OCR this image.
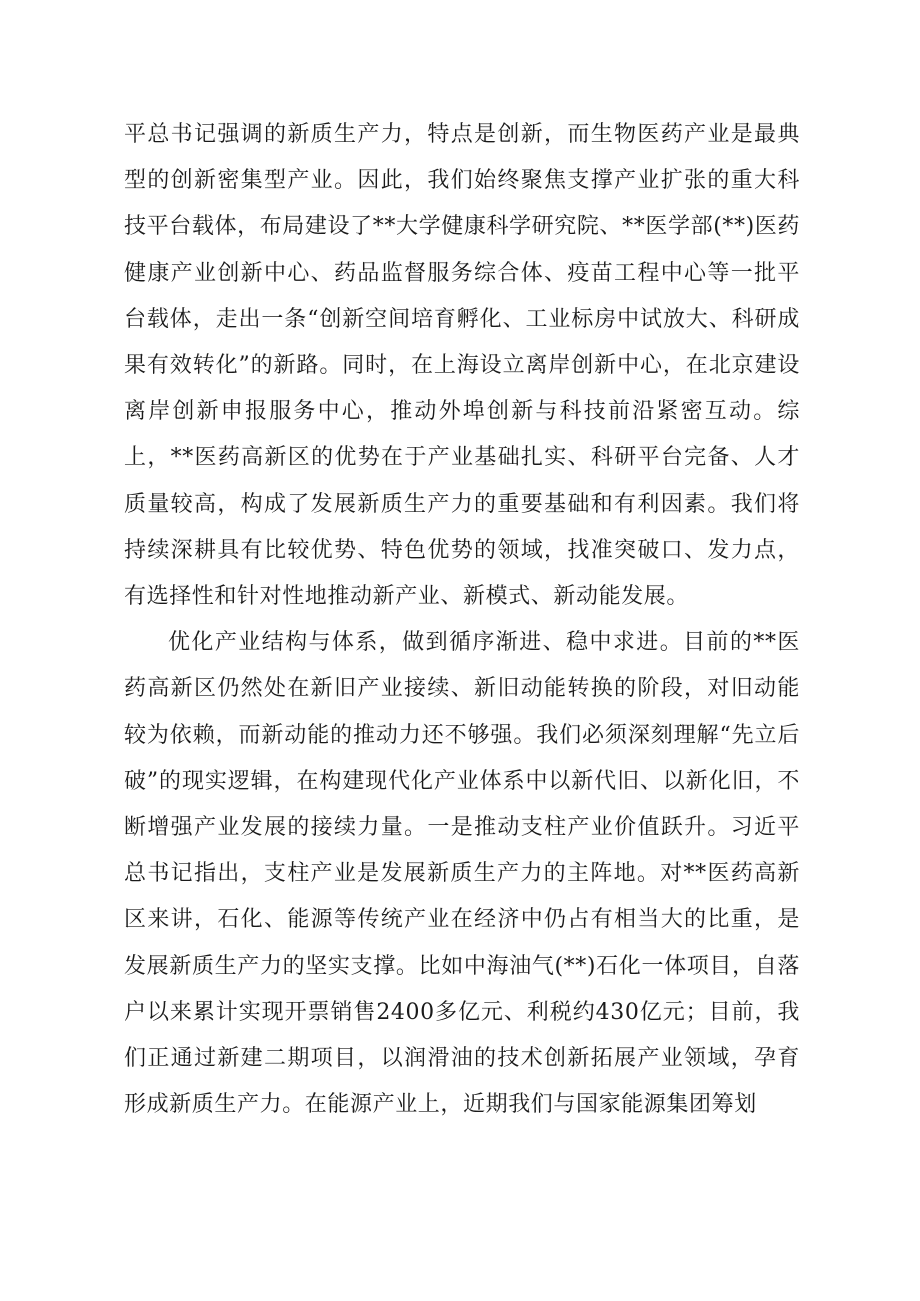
平总书记强调的新质生产力，特点是创新，而生物医药产业是最典型的创新密集型产业。因此，我们始终聚焦支撑产业扩张的重大科技平台载体，布局建设了**大学健康科学研究院、**医学部(**)医药健康产业创新中心、药品监督服务综合体、疫苗工程中心等一批平台载体，走出一条“创新空间培育孵化、工业标房中试放大、科研成果有效转化”的新路。同时，在上海设立离岸创新中心，在北京建设离岸创新申报服务中心，推动外埠创新与科技前沿紧密互动。综上，**医药高新区的优势在于产业基础扎实、科研平台完备、人才质量较高，构成了发展新质生产力的重要基础和有利因素。我们将持续深耕具有比较优势、特色优势的领域，找准突破口、发力点，有选择性和针对性地推动新产业、新模式、新动能发展。

优化产业结构与体系，做到循序渐进、稳中求进。目前的**医药高新区仍然处在新旧产业接续、新旧动能转换的阶段，对旧动能较为依赖，而新动能的推动力还不够强。我们必须深刻理解“先立后破”的现实逻辑，在构建现代化产业体系中以新代旧、以新化旧，不断增强产业发展的接续力量。一是推动支柱产业价值跃升。习近平总书记指出，支柱产业是发展新质生产力的主阵地。对**医药高新区来讲，石化、能源等传统产业在经济中仍占有相当大的比重，是发展新质生产力的坚实支撑。比如中海油气(**)石化一体项目，自落户以来累计实现开票销售2400多亿元、利税约430亿元；目前，我们正通过新建二期项目，以润滑油的技术创新拓展产业领域，孕育形成新质生产力。在能源产业上，近期我们与国家能源集团筹划
